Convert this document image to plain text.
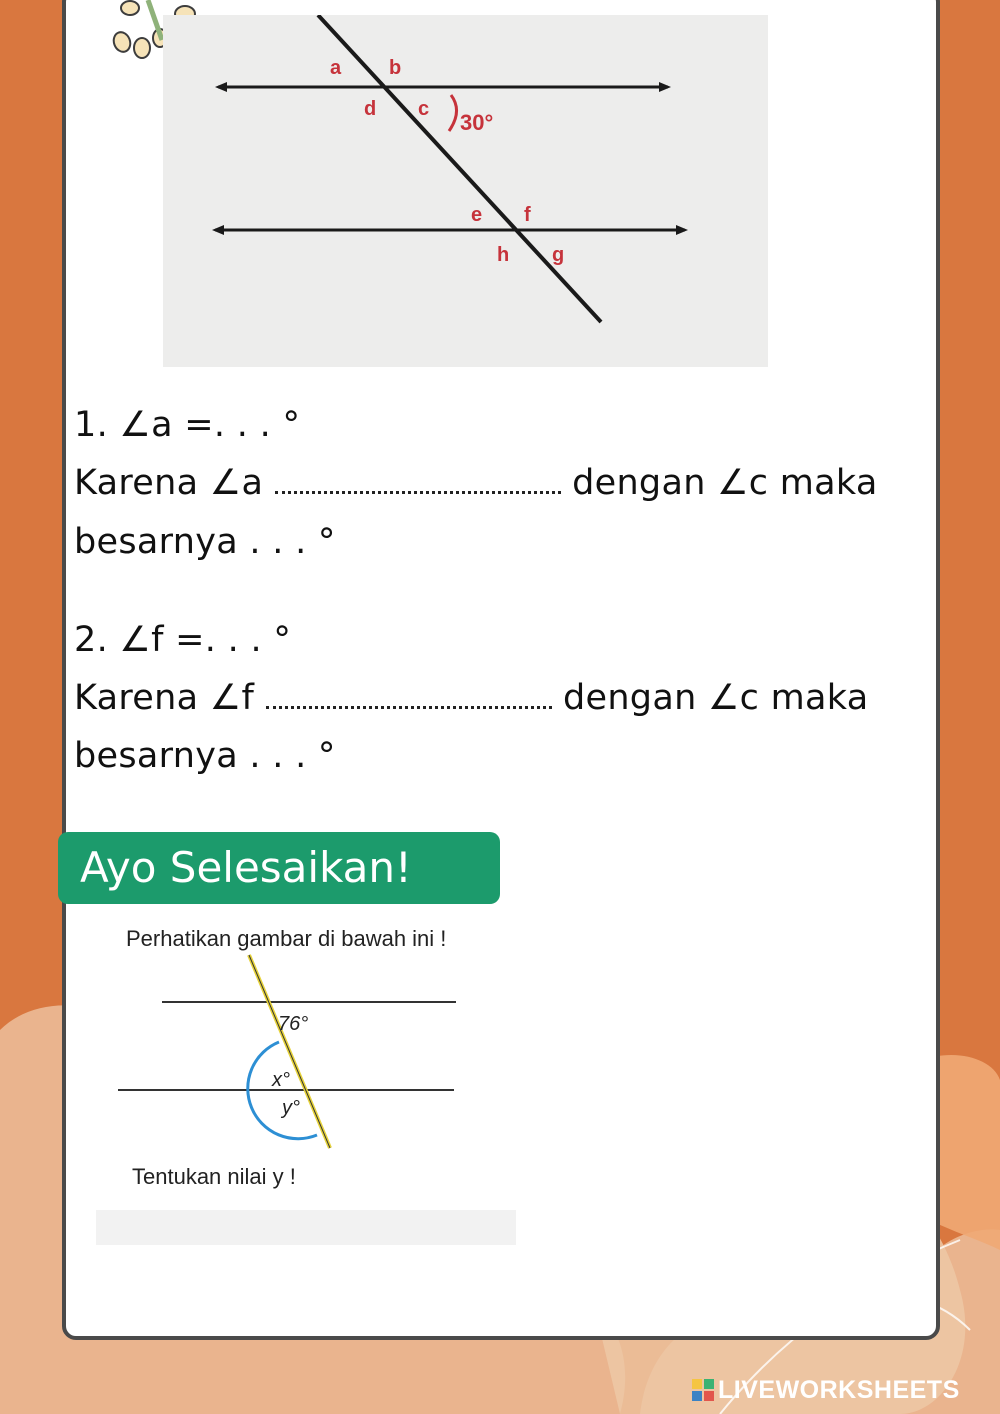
a b
d c
30°
e f
h g
1. ∠a =. . . °
Karena ∠a	dengan ∠c maka
besarnya . . . °
2. ∠f =. . . °
Karena ∠f	dengan ∠c maka
besarnya . . . °
Ayo Selesaikan!
Perhatikan gambar di bawah ini !
76°
x°
y°
Tentukan nilai y !
LIVEWORKSHEETS
